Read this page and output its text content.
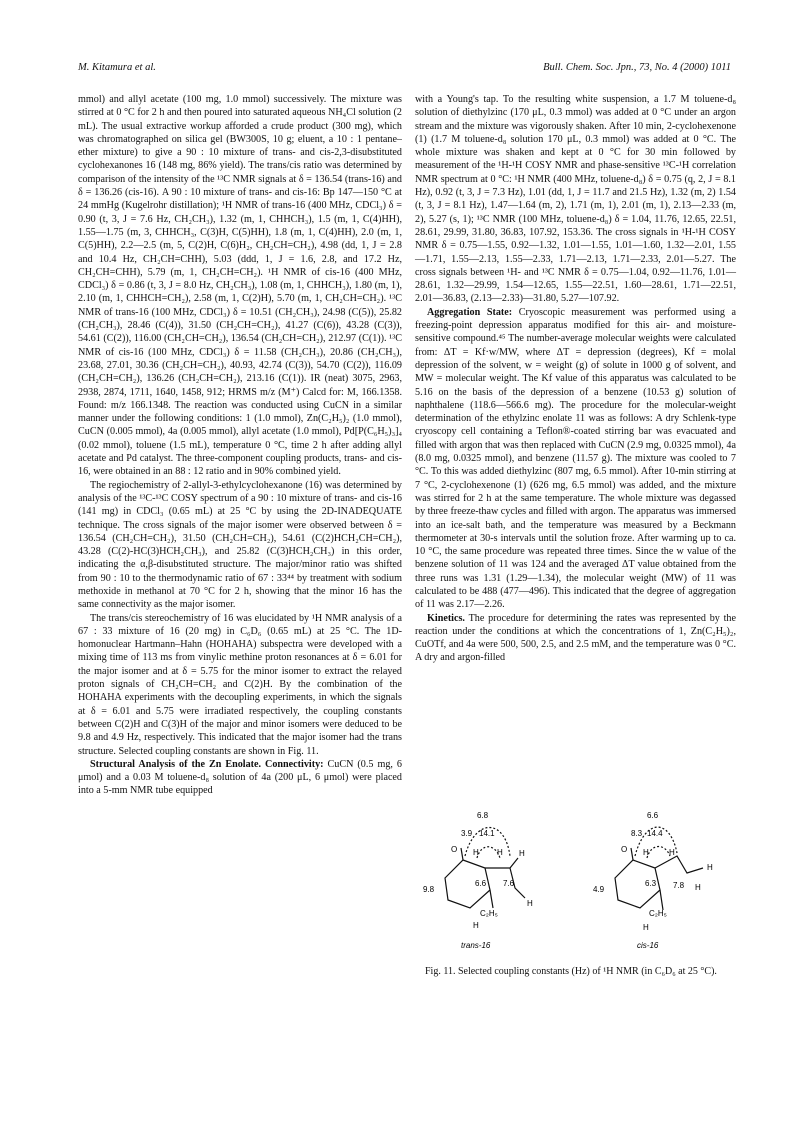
M. Kitamura et al.	Bull. Chem. Soc. Jpn., 73, No. 4 (2000) 1011

mmol) and allyl acetate (100 mg, 1.0 mmol) successively. The mixture was stirred at 0 °C for 2 h and then poured into saturated aqueous NH₄Cl solution (2 mL). The usual extractive workup afforded a crude product (300 mg), which was chromatographed on silica gel (BW300S, 10 g; eluent, a 10 : 1 pentane–ether mixture) to give a 90 : 10 mixture of trans- and cis-2,3-disubstituted cyclohexanones 16 (148 mg, 86% yield). The trans/cis ratio was determined by comparison of the intensity of the ¹³C NMR signals at δ = 136.54 (trans-16) and δ = 136.26 (cis-16). A 90 : 10 mixture of trans- and cis-16: Bp 147—150 °C at 24 mmHg (Kugelrohr distillation); ¹H NMR of trans-16 (400 MHz, CDCl₃) δ = 0.90 (t, 3, J = 7.6 Hz, CH₂CH₃), 1.32 (m, 1, CHHCH₃), 1.5 (m, 1, C(4)HH), 1.55—1.75 (m, 3, CHHCH₃, C(3)H, C(5)HH), 1.8 (m, 1, C(4)HH), 2.0 (m, 1, C(5)HH), 2.2—2.5 (m, 5, C(2)H, C(6)H₂, CH₂CH=CH₂), 4.98 (dd, 1, J = 2.8 and 10.4 Hz, CH₂CH=CHH), 5.03 (ddd, 1, J = 1.6, 2.8, and 17.2 Hz, CH₂CH=CHH), 5.79 (m, 1, CH₂CH=CH₂). ¹H NMR of cis-16 (400 MHz, CDCl₃) δ = 0.86 (t, 3, J = 8.0 Hz, CH₂CH₃), 1.08 (m, 1, CHHCH₃), 1.80 (m, 1), 2.10 (m, 1, CHHCH=CH₂), 2.58 (m, 1, C(2)H), 5.70 (m, 1, CH₂CH=CH₂). ¹³C NMR of trans-16 (100 MHz, CDCl₃) δ = 10.51 (CH₂CH₃), 24.98 (C(5)), 25.82 (CH₂CH₃), 28.46 (C(4)), 31.50 (CH₂CH=CH₂), 41.27 (C(6)), 43.28 (C(3)), 54.61 (C(2)), 116.00 (CH₂CH=CH₂), 136.54 (CH₂CH=CH₂), 212.97 (C(1)). ¹³C NMR of cis-16 (100 MHz, CDCl₃) δ = 11.58 (CH₂CH₃), 20.86 (CH₂CH₃), 23.68, 27.01, 30.36 (CH₂CH=CH₂), 40.93, 42.74 (C(3)), 54.70 (C(2)), 116.09 (CH₂CH=CH₂), 136.26 (CH₂CH=CH₂), 213.16 (C(1)). IR (neat) 3075, 2963, 2938, 2874, 1711, 1640, 1458, 912; HRMS m/z (M⁺) Calcd for: M, 166.1358. Found: m/z 166.1348. The reaction was conducted using CuCN in a similar manner under the following conditions: 1 (1.0 mmol), Zn(C₂H₅)₂ (1.0 mmol), CuCN (0.005 mmol), 4a (0.005 mmol), allyl acetate (1.0 mmol), Pd[P(C₆H₅)₃]₄ (0.02 mmol), toluene (1.5 mL), temperature 0 °C, time 2 h after adding allyl acetate and Pd catalyst. The three-component coupling products, trans- and cis-16, were obtained in an 88 : 12 ratio and in 90% combined yield.

The regiochemistry of 2-allyl-3-ethylcyclohexanone (16) was determined by analysis of the ¹³C-¹³C COSY spectrum of a 90 : 10 mixture of trans- and cis-16 (141 mg) in CDCl₃ (0.65 mL) at 25 °C by using the 2D-INADEQUATE technique. The cross signals of the major isomer were observed between δ = 136.54 (CH₂CH=CH₂), 31.50 (CH₂CH=CH₂), 54.61 (C(2)HCH₂CH=CH₂), 43.28 (C(2)-HC(3)HCH₂CH₃), and 25.82 (C(3)HCH₂CH₃) in this order, indicating the α,β-disubstituted structure. The major/minor ratio was shifted from 90 : 10 to the thermodynamic ratio of 67 : 33⁴⁴ by treatment with sodium methoxide in methanol at 70 °C for 2 h, showing that the minor 16 has the same connectivity as the major isomer.

The trans/cis stereochemistry of 16 was elucidated by ¹H NMR analysis of a 67 : 33 mixture of 16 (20 mg) in C₆D₆ (0.65 mL) at 25 °C. The 1D-homonuclear Hartmann–Hahn (HOHAHA) subspectra were developed with a mixing time of 113 ms from vinylic methine proton resonances at δ = 6.01 for the major isomer and at δ = 5.75 for the minor isomer to extract the relayed proton signals of CH₂CH=CH₂ and C(2)H. By the combination of the HOHAHA experiments with the decoupling experiments, in which the signals at δ = 6.01 and 5.75 were irradiated respectively, the coupling constants between C(2)H and C(3)H of the major and minor isomers were deduced to be 9.8 and 4.9 Hz, respectively. This indicated that the major isomer had the trans structure. Selected coupling constants are shown in Fig. 11.

Structural Analysis of the Zn Enolate. Connectivity: CuCN (0.5 mg, 6 μmol) and a 0.03 M toluene-d₈ solution of 4a (200 μL, 6 μmol) were placed into a 5-mm NMR tube equipped

with a Young's tap. To the resulting white suspension, a 1.7 M toluene-d₈ solution of diethylzinc (170 μL, 0.3 mmol) was added at 0 °C under an argon stream and the mixture was vigorously shaken. After 10 min, 2-cyclohexenone (1) (1.7 M toluene-d₈ solution 170 μL, 0.3 mmol) was added at 0 °C. The whole mixture was shaken and kept at 0 °C for 30 min followed by measurement of the ¹H-¹H COSY NMR and phase-sensitive ¹³C-¹H correlation NMR spectrum at 0 °C: ¹H NMR (400 MHz, toluene-d₈) δ = 0.75 (q, 2, J = 8.1 Hz), 0.92 (t, 3, J = 7.3 Hz), 1.01 (dd, 1, J = 11.7 and 21.5 Hz), 1.32 (m, 2) 1.54 (t, 3, J = 8.1 Hz), 1.47—1.64 (m, 2), 1.71 (m, 1), 2.01 (m, 1), 2.13—2.33 (m, 2), 5.27 (s, 1); ¹³C NMR (100 MHz, toluene-d₈) δ = 1.04, 11.76, 12.65, 22.51, 28.61, 29.99, 31.80, 36.83, 107.92, 153.36. The cross signals in ¹H-¹H COSY NMR δ = 0.75—1.55, 0.92—1.32, 1.01—1.55, 1.01—1.60, 1.32—2.01, 1.55—1.71, 1.55—2.13, 1.55—2.33, 1.71—2.13, 1.71—2.33, 2.01—5.27. The cross signals between ¹H- and ¹³C NMR δ = 0.75—1.04, 0.92—11.76, 1.01—28.61, 1.32—29.99, 1.54—12.65, 1.55—22.51, 1.60—28.61, 1.71—22.51, 2.01—36.83, (2.13—2.33)—31.80, 5.27—107.92.

Aggregation State: Cryoscopic measurement was performed using a freezing-point depression apparatus modified for this air- and moisture-sensitive compound.⁴⁵ The number-average molecular weights were calculated from: ΔT = Kf·w/MW, where ΔT = depression (degrees), Kf = molal depression of the solvent, w = weight (g) of solute in 1000 g of solvent, and MW = molecular weight. The Kf value of this apparatus was calculated to be 5.16 on the basis of the depression of a benzene (10.53 g) solution of naphthalene (118.6—566.6 mg). The procedure for the molecular-weight determination of the ethylzinc enolate 11 was as follows: A dry Schlenk-type cryoscopy cell containing a Teflon®-coated stirring bar was evacuated and filled with argon that was then replaced with CuCN (2.9 mg, 0.0325 mmol), 4a (8.0 mg, 0.0325 mmol), and benzene (11.57 g). The mixture was cooled to 7 °C. To this was added diethylzinc (807 mg, 6.5 mmol). After 10-min stirring at 7 °C, 2-cyclohexenone (1) (626 mg, 6.5 mmol) was added, and the mixture was stirred for 2 h at the same temperature. The whole mixture was degassed by three freeze-thaw cycles and filled with argon. The apparatus was immersed into an ice-salt bath, and the temperature was measured by a Beckmann thermometer at 30-s intervals until the solution froze. After warming up to ca. 10 °C, the same procedure was repeated three times. Since the w value of the benzene solution of 11 was 124 and the averaged ΔT value obtained from the three runs was 1.31 (1.29—1.34), the molecular weight (MW) of 11 was calculated to be 488 (477—496). This indicated that the degree of aggregation of 11 was 2.17—2.26.

Kinetics. The procedure for determining the rates was represented by the reaction under the conditions at which the concentrations of 1, Zn(C₂H₅)₂, CuOTf, and 4a were 500, 500, 2.5, and 2.5 mM, and the temperature was 0 °C. A dry and argon-filled

6.8
3.9 14.1
O H H H
9.8
6.6 7.6
H
C₂H₅
H
trans-16
6.6
8.3 14.4
O H	H
H
4.9
6.3 7.8 H
C₂H₅
H
cis-16
Fig. 11. Selected coupling constants (Hz) of ¹H NMR (in C₆D₆ at 25 °C).
